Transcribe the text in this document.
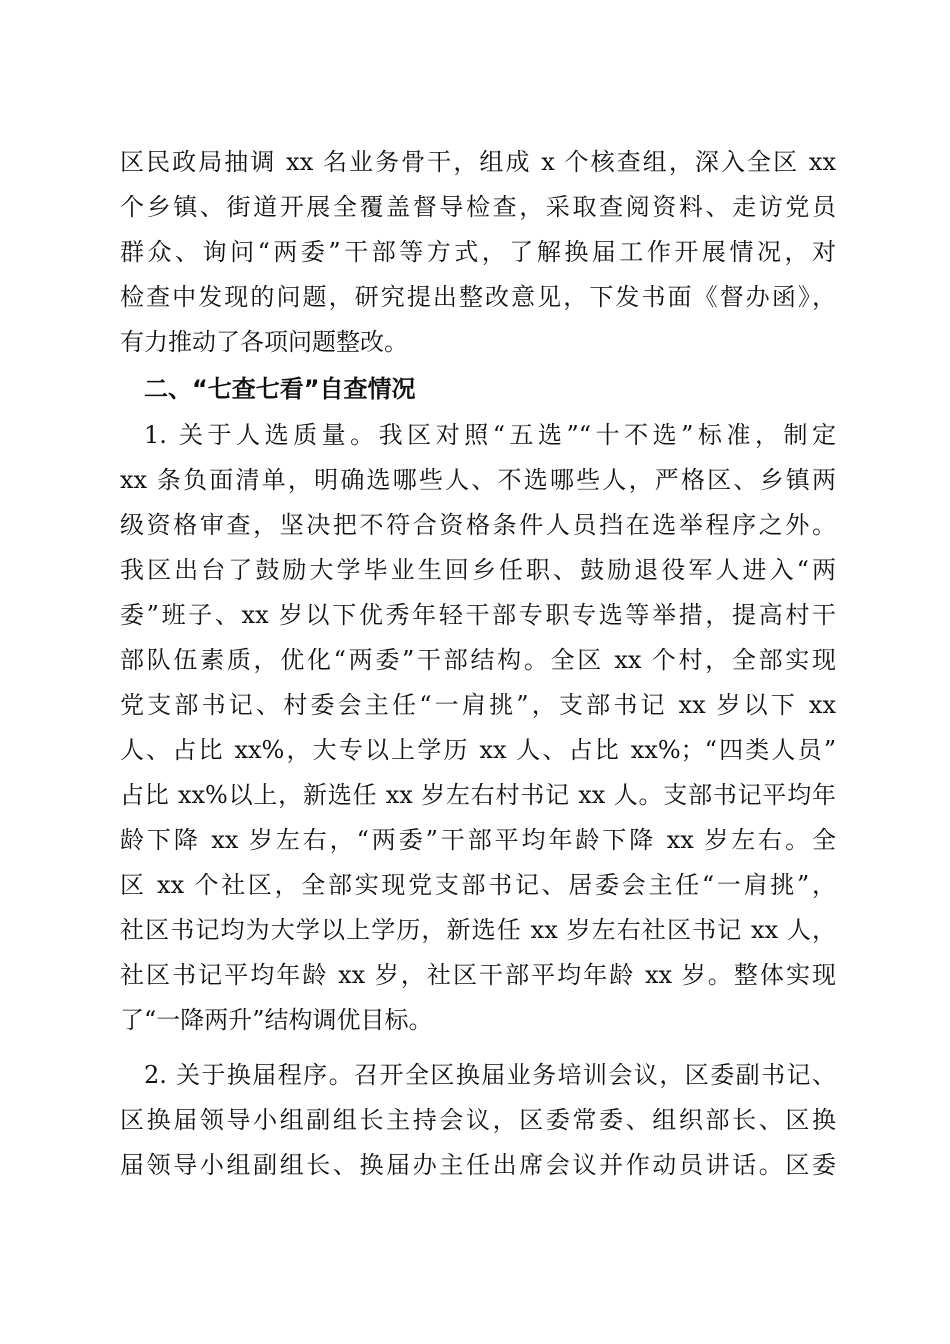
区民政局抽调 xx 名业务骨干，组成 x 个核查组，深入全区 xx
个乡镇、街道开展全覆盖督导检查，采取查阅资料、走访党员
群众、询问“两委”干部等方式，了解换届工作开展情况，对
检查中发现的问题，研究提出整改意见，下发书面《督办函》，
有力推动了各项问题整改。
二、“七查七看”自查情况
1. 关于人选质量。我区对照“五选”“十不选”标准，制定
xx 条负面清单，明确选哪些人、不选哪些人，严格区、乡镇两
级资格审查，坚决把不符合资格条件人员挡在选举程序之外。
我区出台了鼓励大学毕业生回乡任职、鼓励退役军人进入“两
委”班子、xx 岁以下优秀年轻干部专职专选等举措，提高村干
部队伍素质，优化“两委”干部结构。全区 xx 个村，全部实现
党支部书记、村委会主任“一肩挑”，支部书记 xx 岁以下 xx
人、占比 xx%，大专以上学历 xx 人、占比 xx%；“四类人员”
占比 xx%以上，新选任 xx 岁左右村书记 xx 人。支部书记平均年
龄下降 xx 岁左右，“两委”干部平均年龄下降 xx 岁左右。全
区 xx 个社区，全部实现党支部书记、居委会主任“一肩挑”，
社区书记均为大学以上学历，新选任 xx 岁左右社区书记 xx 人，
社区书记平均年龄 xx 岁，社区干部平均年龄 xx 岁。整体实现
了“一降两升”结构调优目标。
2. 关于换届程序。召开全区换届业务培训会议，区委副书记、
区换届领导小组副组长主持会议，区委常委、组织部长、区换
届领导小组副组长、换届办主任出席会议并作动员讲话。区委
